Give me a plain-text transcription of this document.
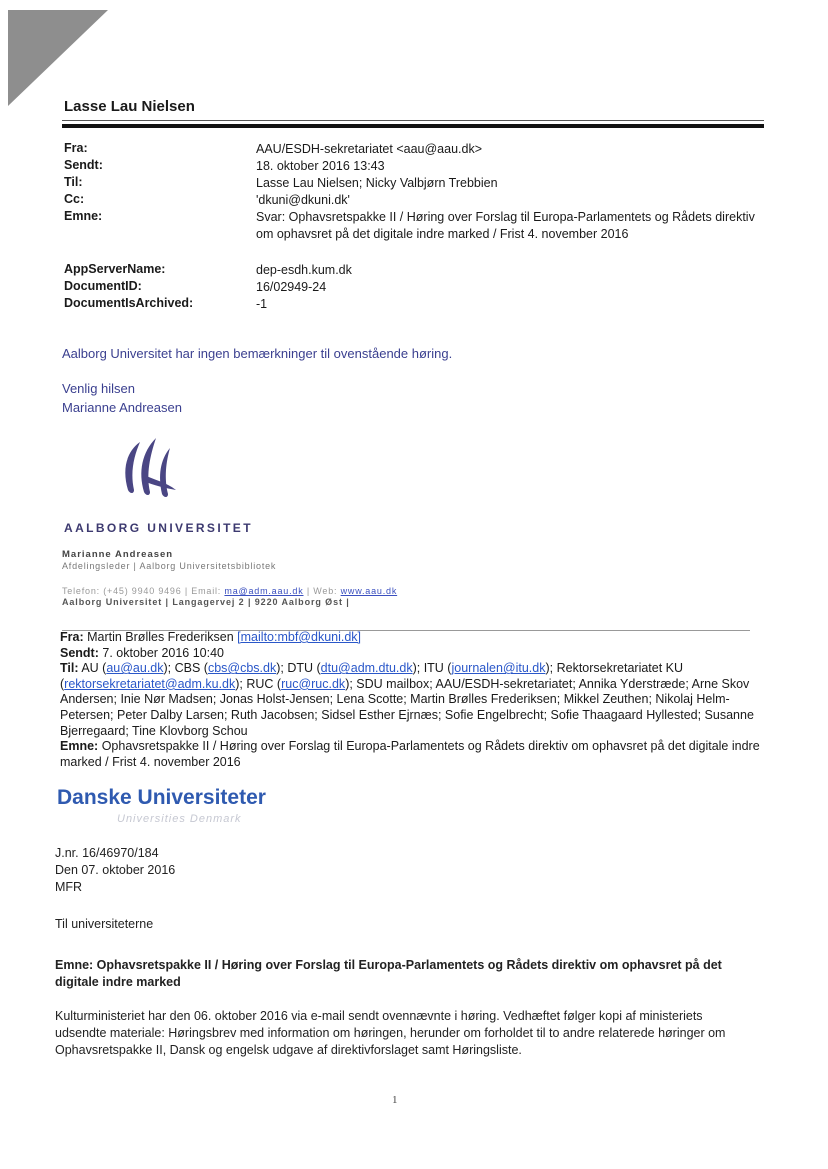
Lasse Lau Nielsen
Fra:	AAU/ESDH-sekretariatet <aau@aau.dk>
Sendt:	18. oktober 2016 13:43
Til:	Lasse Lau Nielsen; Nicky Valbjørn Trebbien
Cc:	'dkuni@dkuni.dk'
Emne:	Svar: Ophavsretspakke II / Høring over Forslag til Europa-Parlamentets og Rådets direktiv om ophavsret på det digitale indre marked / Frist 4. november 2016
AppServerName:	dep-esdh.kum.dk
DocumentID:	16/02949-24
DocumentIsArchived:	-1
Aalborg Universitet har ingen bemærkninger til ovenstående høring.
Venlig hilsen
Marianne Andreasen
AALBORG UNIVERSITET
Marianne Andreasen
Afdelingsleder | Aalborg Universitetsbibliotek
Telefon: (+45) 9940 9496 | Email: ma@adm.aau.dk | Web: www.aau.dk
Aalborg Universitet | Langagervej 2 | 9220 Aalborg Øst |

Fra: Martin Brølles Frederiksen [mailto:mbf@dkuni.dk]

Sendt: 7. oktober 2016 10:40

Til: AU (au@au.dk); CBS (cbs@cbs.dk); DTU (dtu@adm.dtu.dk); ITU (journalen@itu.dk); Rektorsekretariatet KU (rektorsekretariatet@adm.ku.dk); RUC (ruc@ruc.dk); SDU mailbox; AAU/ESDH-sekretariatet; Annika Yderstræde; Arne Skov Andersen; Inie Nør Madsen; Jonas Holst-Jensen; Lena Scotte; Martin Brølles Frederiksen; Mikkel Zeuthen; Nikolaj Helm-Petersen; Peter Dalby Larsen; Ruth Jacobsen; Sidsel Esther Ejrnæs; Sofie Engelbrecht; Sofie Thaagaard Hyllested; Susanne Bjerregaard; Tine Klovborg Schou

Emne: Ophavsretspakke II / Høring over Forslag til Europa-Parlamentets og Rådets direktiv om ophavsret på det digitale indre marked / Frist 4. november 2016

Danske Universiteter
Universities Denmark
J.nr. 16/46970/184
Den 07. oktober 2016
MFR
Til universiteterne
Emne: Ophavsretspakke II / Høring over Forslag til Europa-Parlamentets og Rådets direktiv om ophavsret på det digitale indre marked
Kulturministeriet har den 06. oktober 2016 via e-mail sendt ovennævnte i høring. Vedhæftet følger kopi af ministeriets udsendte materiale: Høringsbrev med information om høringen, herunder om forholdet til to andre relaterede høringer om Ophavsretspakke II, Dansk og engelsk udgave af direktivforslaget samt Høringsliste.
1
